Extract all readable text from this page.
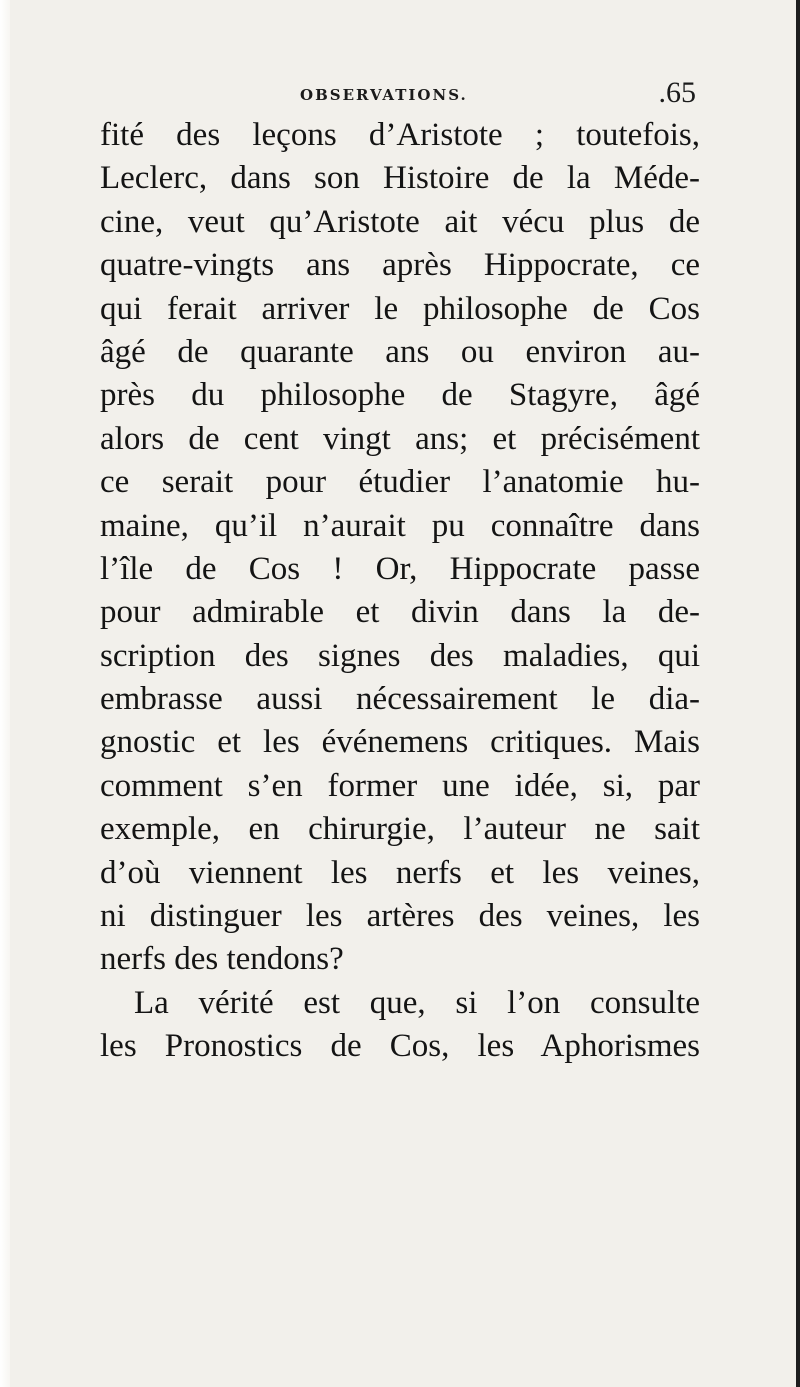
OBSERVATIONS.	.65
fité des leçons d’Aristote ; toutefois,
Leclerc, dans son Histoire de la Méde-
cine, veut qu’Aristote ait vécu plus de
quatre-vingts ans après Hippocrate, ce
qui ferait arriver le philosophe de Cos
âgé de quarante ans ou environ au-
près du philosophe de Stagyre, âgé
alors de cent vingt ans; et précisément
ce serait pour étudier l’anatomie hu-
maine, qu’il n’aurait pu connaître dans
l’île de Cos ! Or, Hippocrate passe
pour admirable et divin dans la de-
scription des signes des maladies, qui
embrasse aussi nécessairement le dia-
gnostic et les événemens critiques. Mais
comment s’en former une idée, si, par
exemple, en chirurgie, l’auteur ne sait
d’où viennent les nerfs et les veines,
ni distinguer les artères des veines, les
nerfs des tendons?
La vérité est que, si l’on consulte
les Pronostics de Cos, les Aphorismes
